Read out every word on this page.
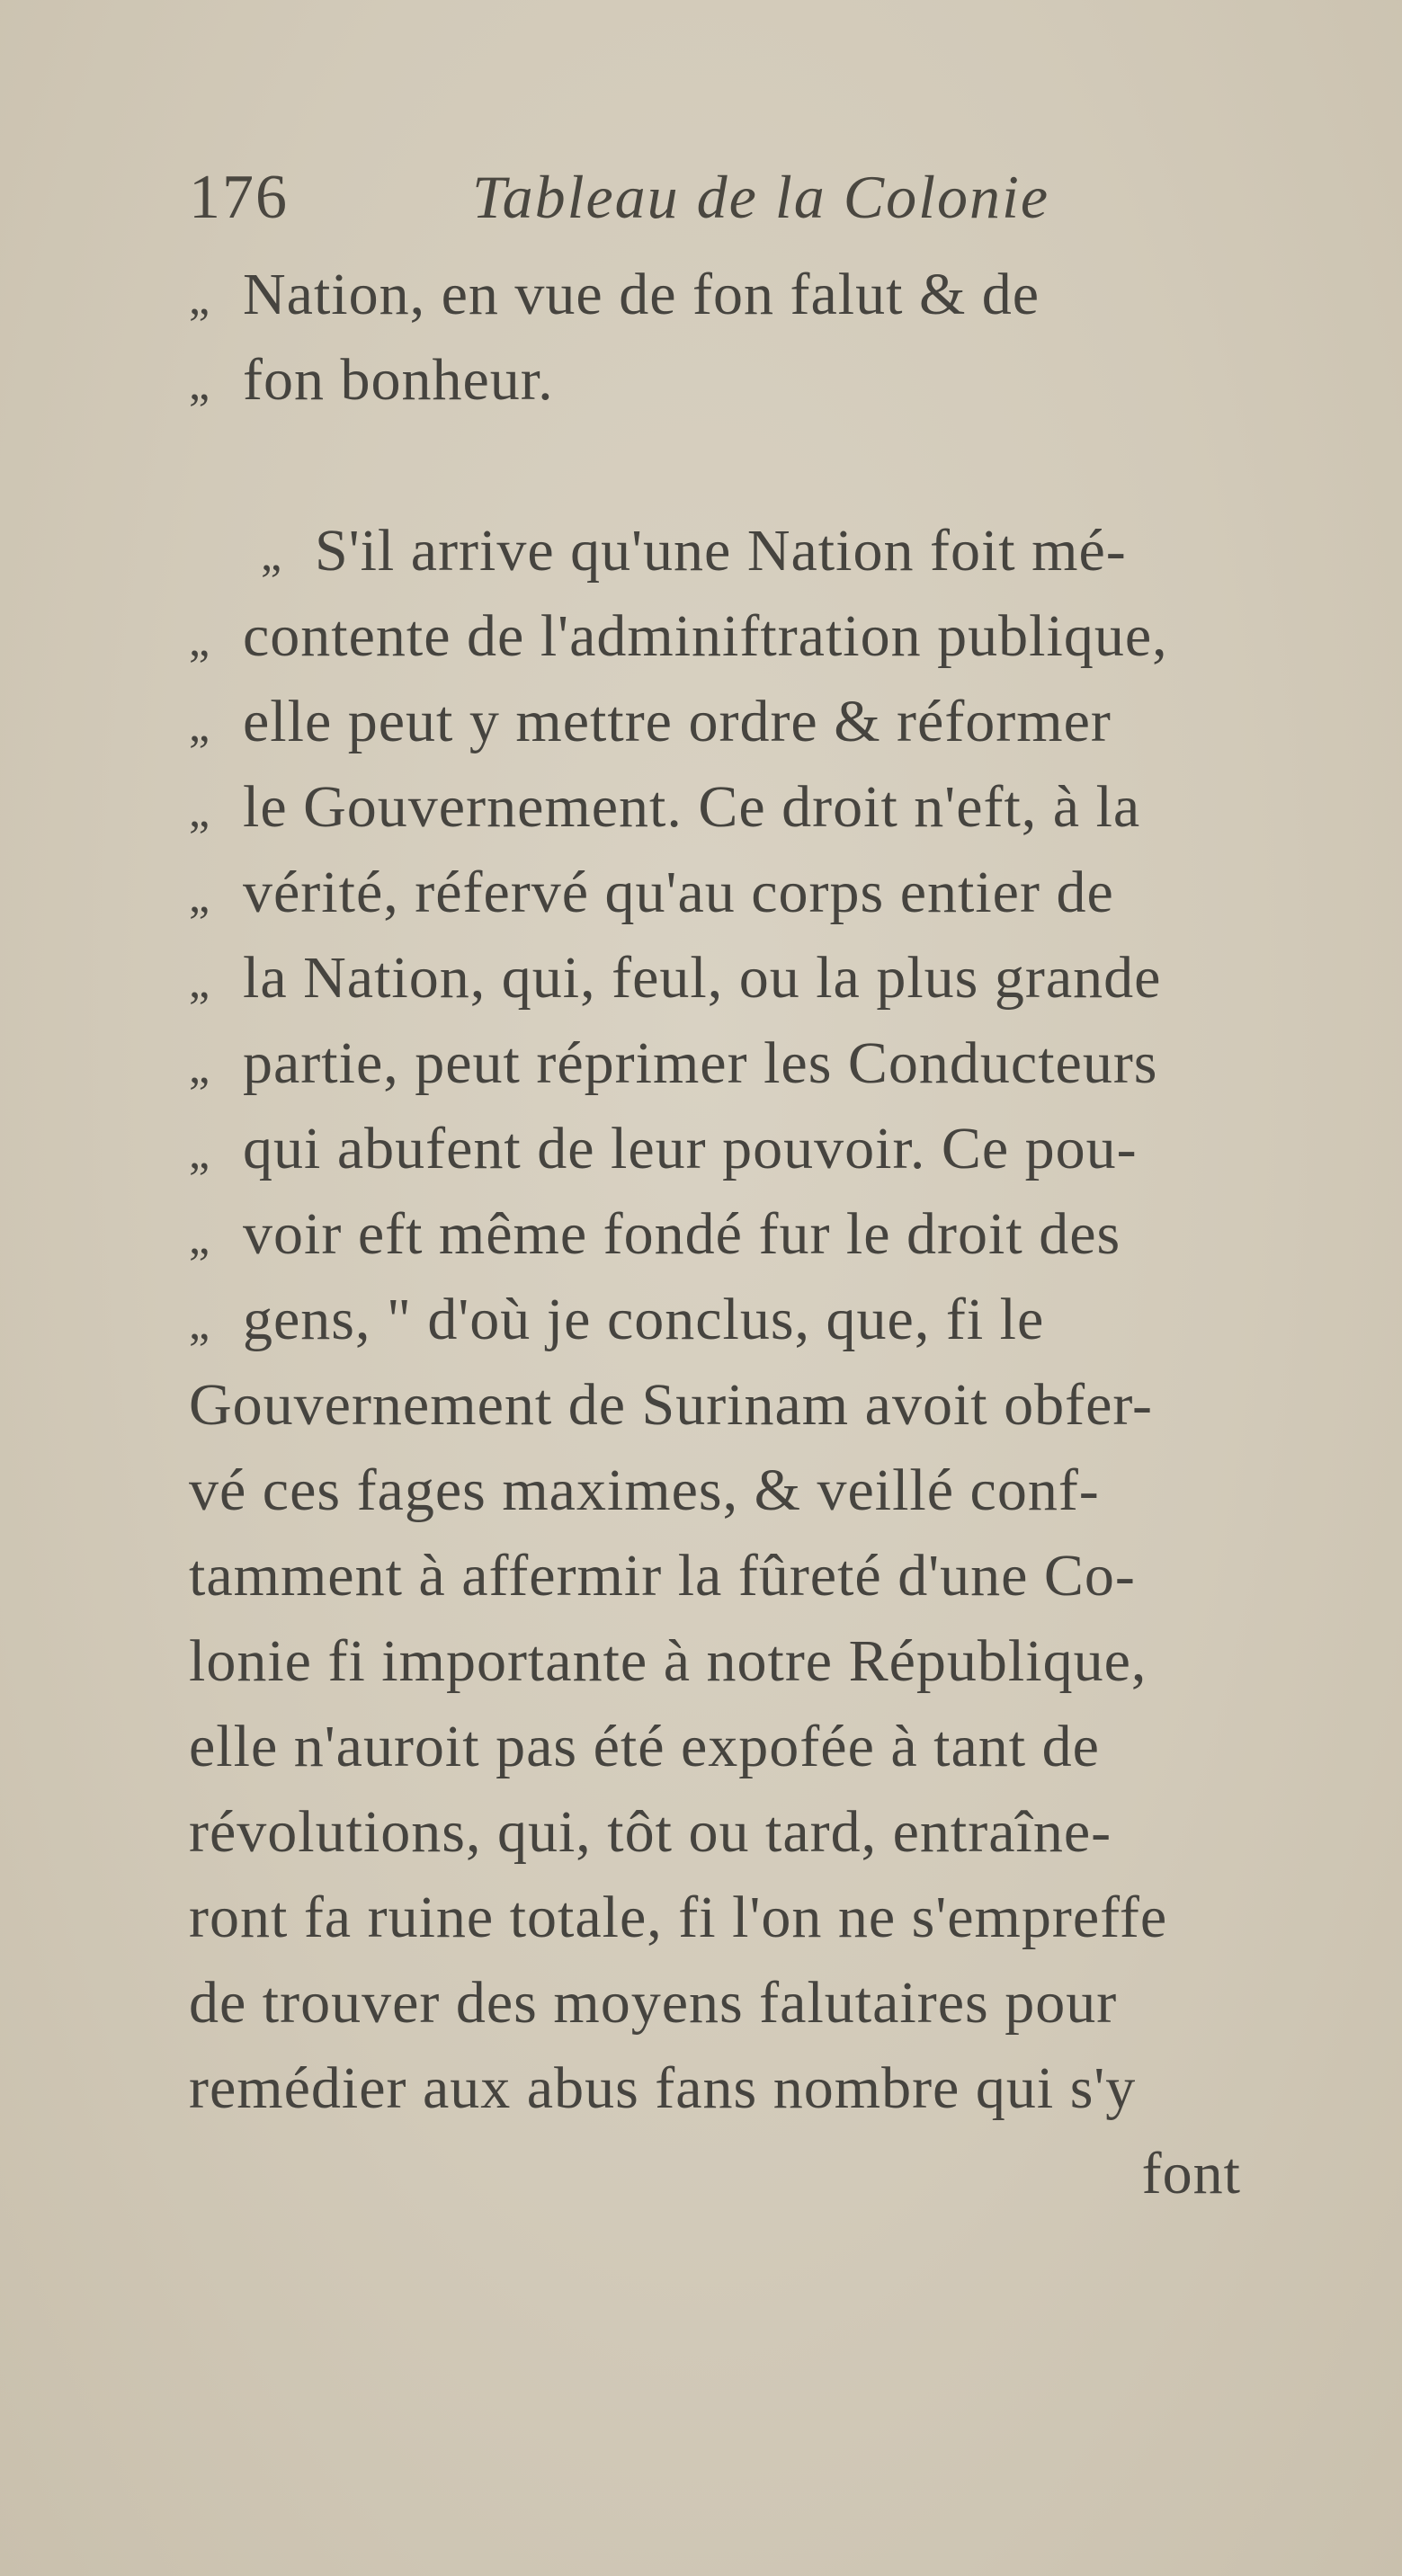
176	Tableau de la Colonie
„ Nation, en vue de fon falut & de
„ fon bonheur.
„ S'il arrive qu'une Nation foit mé-
„ contente de l'adminiftration publique,
„ elle peut y mettre ordre & réformer
„ le Gouvernement. Ce droit n'eft, à la
„ vérité, réfervé qu'au corps entier de
„ la Nation, qui, feul, ou la plus grande
„ partie, peut réprimer les Conducteurs
„ qui abufent de leur pouvoir. Ce pou-
„ voir eft même fondé fur le droit des
„ gens, " d'où je conclus, que, fi le
Gouvernement de Surinam avoit obfer-
vé ces fages maximes, & veillé conf-
tamment à affermir la fûreté d'une Co-
lonie fi importante à notre République,
elle n'auroit pas été expofée à tant de
révolutions, qui, tôt ou tard, entraîne-
ront fa ruine totale, fi l'on ne s'empreffe
de trouver des moyens falutaires pour
remédier aux abus fans nombre qui s'y
font
